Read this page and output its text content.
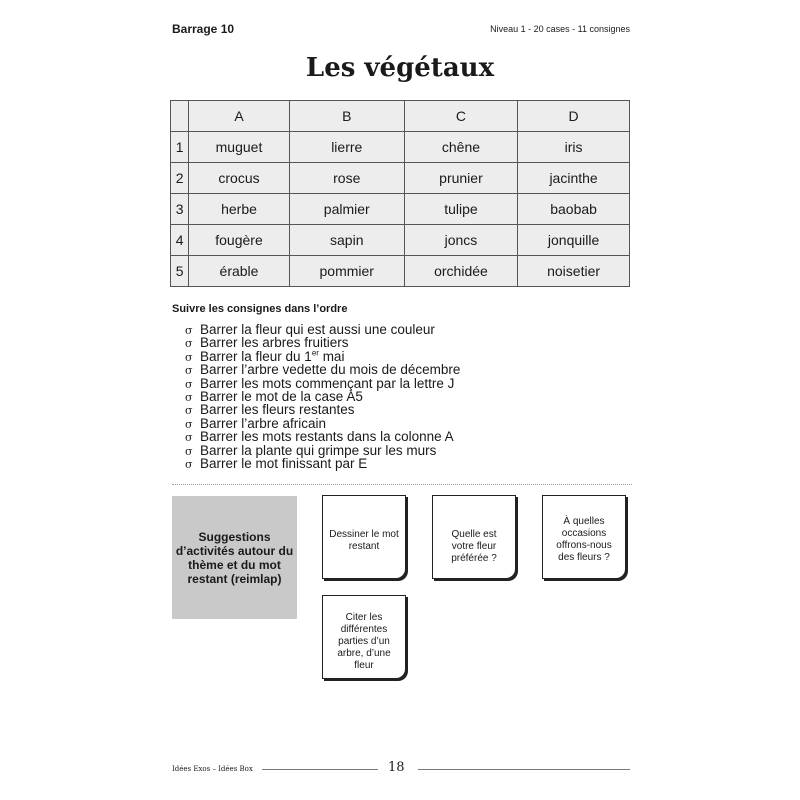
Barrage 10	Niveau 1 - 20 cases - 11 consignes
Les végétaux
	A	B	C	D
1	muguet	lierre	chêne	iris
2	crocus	rose	prunier	jacinthe
3	herbe	palmier	tulipe	baobab
4	fougère	sapin	joncs	jonquille
5	érable	pommier	orchidée	noisetier
Suivre les consignes dans l’ordre
σ Barrer la fleur qui est aussi une couleur
σ Barrer les arbres fruitiers
σ Barrer la fleur du 1er mai
σ Barrer l’arbre vedette du mois de décembre
σ Barrer les mots commençant par la lettre J
σ Barrer le mot de la case A5
σ Barrer les fleurs restantes
σ Barrer l’arbre africain
σ Barrer les mots restants dans la colonne A
σ Barrer la plante qui grimpe sur les murs
σ Barrer le mot finissant par E
Suggestions d’activités autour du thème et du mot restant (reimlap)
Dessiner le mot restant
Quelle est votre fleur préférée ?
À quelles occasions offrons-nous des fleurs ?
Citer les différentes parties d’un arbre, d’une fleur
Idées Exos – Idées Box	18
